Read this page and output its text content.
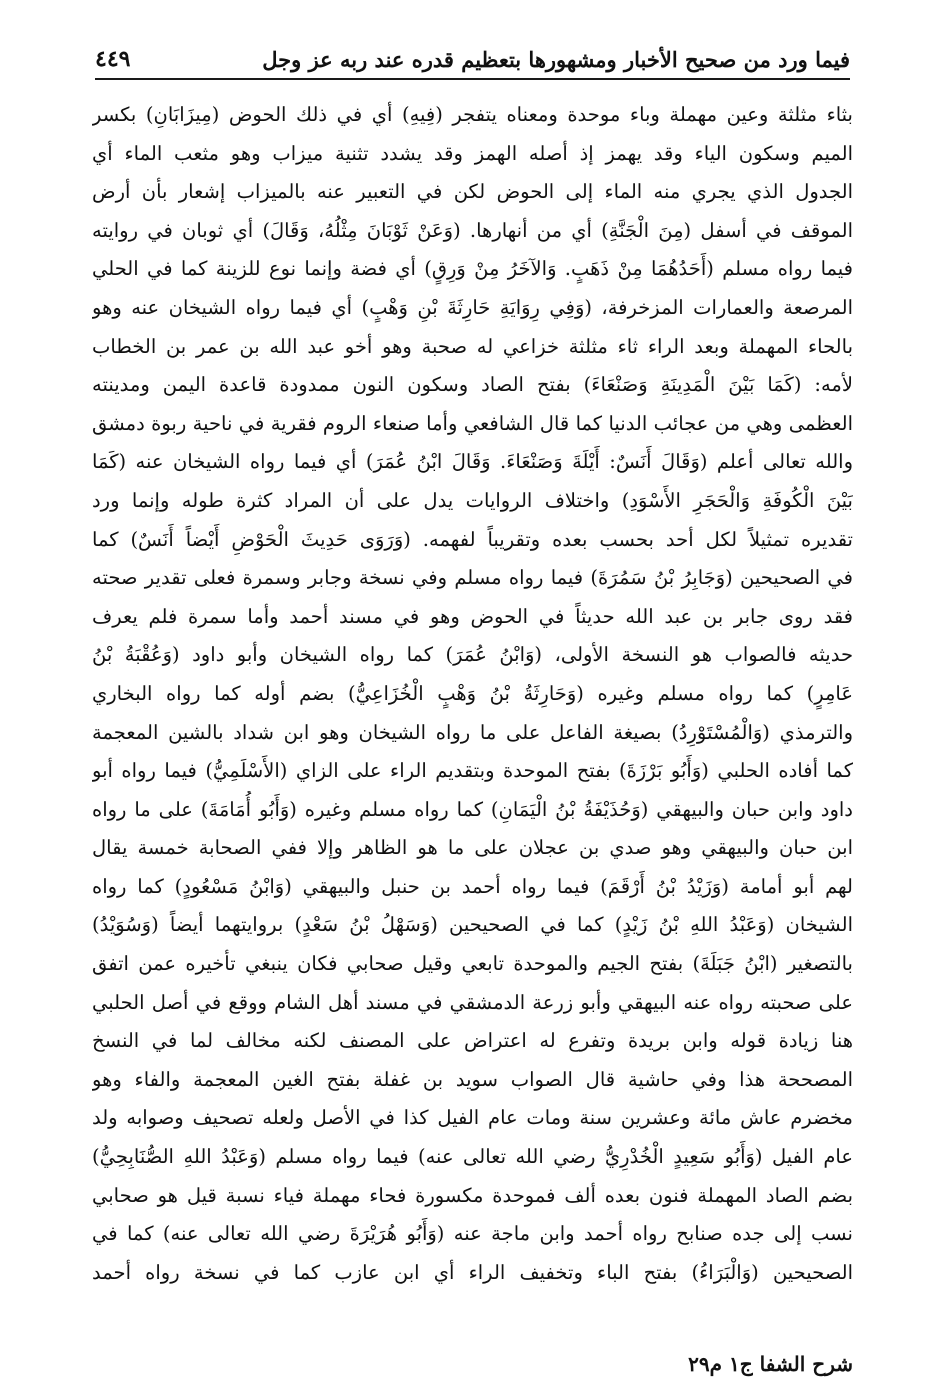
فيما ورد من صحيح الأخبار ومشهورها بتعظيم قدره عند ربه عز وجل
٤٤٩
بثاء مثلثة وعين مهملة وباء موحدة ومعناه يتفجر (فِيهِ) أي في ذلك الحوض (مِيزَابَانِ) بكسر
الميم وسكون الياء وقد يهمز إذ أصله الهمز وقد يشدد تثنية ميزاب وهو مثعب الماء أي
الجدول الذي يجري منه الماء إلى الحوض لكن في التعبير عنه بالميزاب إشعار بأن أرض
الموقف في أسفل (مِنَ الْجَنَّةِ) أي من أنهارها. (وَعَنْ ثَوْبَانَ مِثْلُهُ، وَقَالَ) أي ثوبان في روايته
فيما رواه مسلم (أَحَدُهُمَا مِنْ ذَهَبٍ. وَالآخَرُ مِنْ وَرِقٍ) أي فضة وإنما نوع للزينة كما في الحلي
المرصعة والعمارات المزخرفة، (وَفِي رِوَايَةِ حَارِثَةَ بْنِ وَهْبٍ) أي فيما رواه الشيخان عنه وهو
بالحاء المهملة وبعد الراء ثاء مثلثة خزاعي له صحبة وهو أخو عبد الله بن عمر بن الخطاب
لأمه: (كَمَا بَيْنَ الْمَدِينَةِ وَصَنْعَاءَ) بفتح الصاد وسكون النون ممدودة قاعدة اليمن ومدينته
العظمى وهي من عجائب الدنيا كما قال الشافعي وأما صنعاء الروم فقرية في ناحية ربوة دمشق
والله تعالى أعلم (وَقَالَ أَنَسٌ: أَيْلَةَ وَصَنْعَاءَ. وَقَالَ ابْنُ عُمَرَ) أي فيما رواه الشيخان عنه (كَمَا
بَيْنَ الْكُوفَةِ وَالْحَجَرِ الأَسْوَدِ) واختلاف الروايات يدل على أن المراد كثرة طوله وإنما ورد
تقديره تمثيلاً لكل أحد بحسب بعده وتقريباً لفهمه. (وَرَوَى حَدِيثَ الْحَوْضِ أَيْضاً أَنَسٌ) كما
في الصحيحين (وَجَابِرُ بْنُ سَمُرَةَ) فيما رواه مسلم وفي نسخة وجابر وسمرة فعلى تقدير صحته
فقد روى جابر بن عبد الله حديثاً في الحوض وهو في مسند أحمد وأما سمرة فلم يعرف
حديثه فالصواب هو النسخة الأولى، (وَابْنُ عُمَرَ) كما رواه الشيخان وأبو داود (وَعُقْبَةُ بْنُ
عَامِرٍ) كما رواه مسلم وغيره (وَحَارِثَةُ بْنُ وَهْبٍ الْخُزَاعِيُّ) بضم أوله كما رواه البخاري
والترمذي (وَالْمُسْتَوْرِدُ) بصيغة الفاعل على ما رواه الشيخان وهو ابن شداد بالشين المعجمة
كما أفاده الحلبي (وَأَبُو بَرْزَةَ) بفتح الموحدة وبتقديم الراء على الزاي (الأَسْلَمِيُّ) فيما رواه أبو
داود وابن حبان والبيهقي (وَحُذَيْفَةُ بْنُ الْيَمَانِ) كما رواه مسلم وغيره (وَأَبُو أُمَامَةَ) على ما رواه
ابن حبان والبيهقي وهو صدي بن عجلان على ما هو الظاهر وإلا ففي الصحابة خمسة يقال
لهم أبو أمامة (وَزَيْدُ بْنُ أَرْقَمَ) فيما رواه أحمد بن حنبل والبيهقي (وَابْنُ مَسْعُودٍ) كما رواه
الشيخان (وَعَبْدُ اللهِ بْنُ زَيْدٍ) كما في الصحيحين (وَسَهْلُ بْنُ سَعْدٍ) بروايتهما أيضاً (وَسُوَيْدُ)
بالتصغير (ابْنُ جَبَلَةَ) بفتح الجيم والموحدة تابعي وقيل صحابي فكان ينبغي تأخيره عمن اتفق
على صحبته رواه عنه البيهقي وأبو زرعة الدمشقي في مسند أهل الشام ووقع في أصل الحلبي
هنا زيادة قوله وابن بريدة وتفرع له اعتراض على المصنف لكنه مخالف لما في النسخ
المصححة هذا وفي حاشية قال الصواب سويد بن غفلة بفتح الغين المعجمة والفاء وهو
مخضرم عاش مائة وعشرين سنة ومات عام الفيل كذا في الأصل ولعله تصحيف وصوابه ولد
عام الفيل (وَأَبُو سَعِيدٍ الْخُدْرِيُّ رضي الله تعالى عنه) فيما رواه مسلم (وَعَبْدُ اللهِ الصُّنَابِحِيُّ)
بضم الصاد المهملة فنون بعده ألف فموحدة مكسورة فحاء مهملة فياء نسبة قيل هو صحابي
نسب إلى جده صنابح رواه أحمد وابن ماجة عنه (وَأَبُو هُرَيْرَةَ رضي الله تعالى عنه) كما في
الصحيحين (وَالْبَرَاءُ) بفتح الباء وتخفيف الراء أي ابن عازب كما في نسخة رواه أحمد
شرح الشفا ج١ م٢٩
